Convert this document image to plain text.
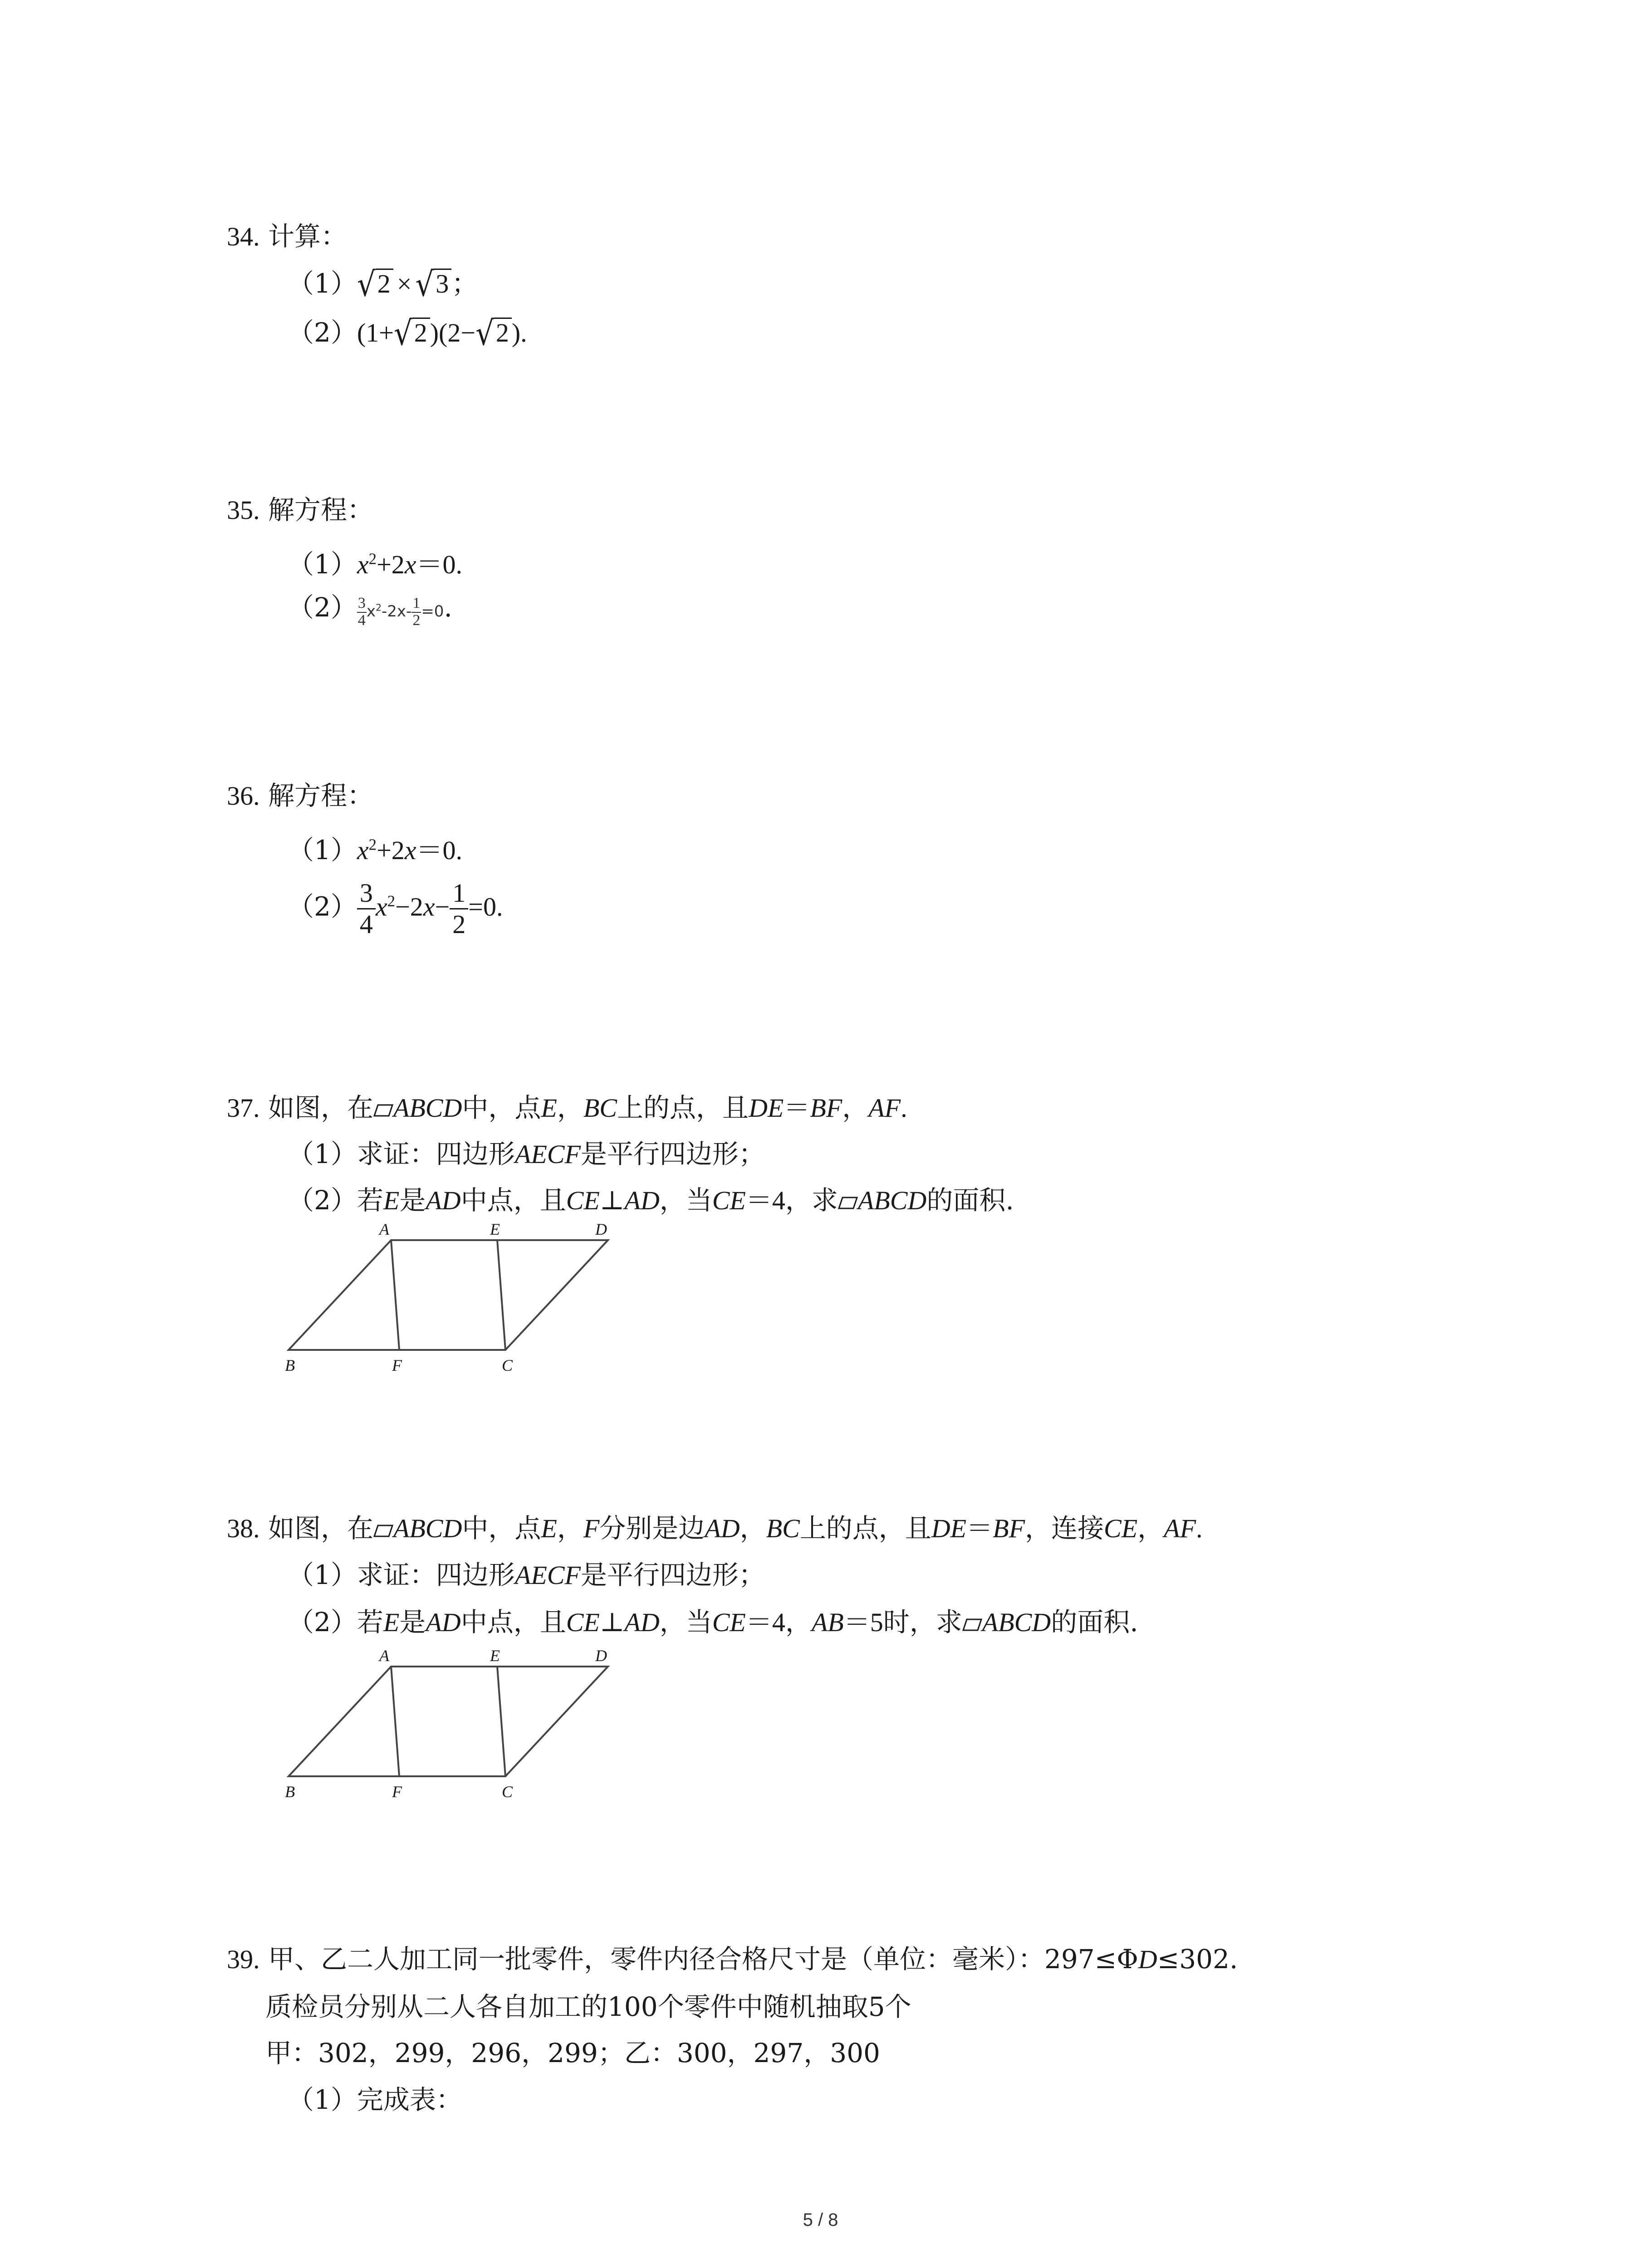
34. 计算：
（1）√2 × √3 ；
（2）(1+√2 )(2−√2 ).
35. 解方程：
$(1)x^2+2x=0$.
$(2) \frac{3}{4} x^2-2x- \frac{1}{2} =0$.
36. 解方程：
$(1)x^2+2x=0$.
$(2) \frac{3}{4} x^2-2x- \frac{1}{2} =0$.
37. 如图，在 ABCD中，点E，BC上的点，且DE＝BF，AF.
（1）求证：四边形AECF是平行四边形；
（2）若E是AD中点，且CE⊥AD，当CE＝4，求 ABCD的面积.
A	E	D
B	F	C
38. 如图，在 ABCD中，点E，F分别是边AD，BC上的点，且DE＝BF，连接CE，AF.
（1）求证：四边形AECF是平行四边形；
（2）若E是AD中点，且CE⊥AD，当CE＝4，AB＝5时，求 ABCD的面积.
A	E	D
B	F	C
39. 甲、乙二人加工同一批零件，零件内径合格尺寸是（单位：毫米）：297≤ΦD≤302.
质检员分别从二人各自加工的100个零件中随机抽取5个
甲：302，299，296，299；乙：300，297，300
（1）完成表：
5 / 8
